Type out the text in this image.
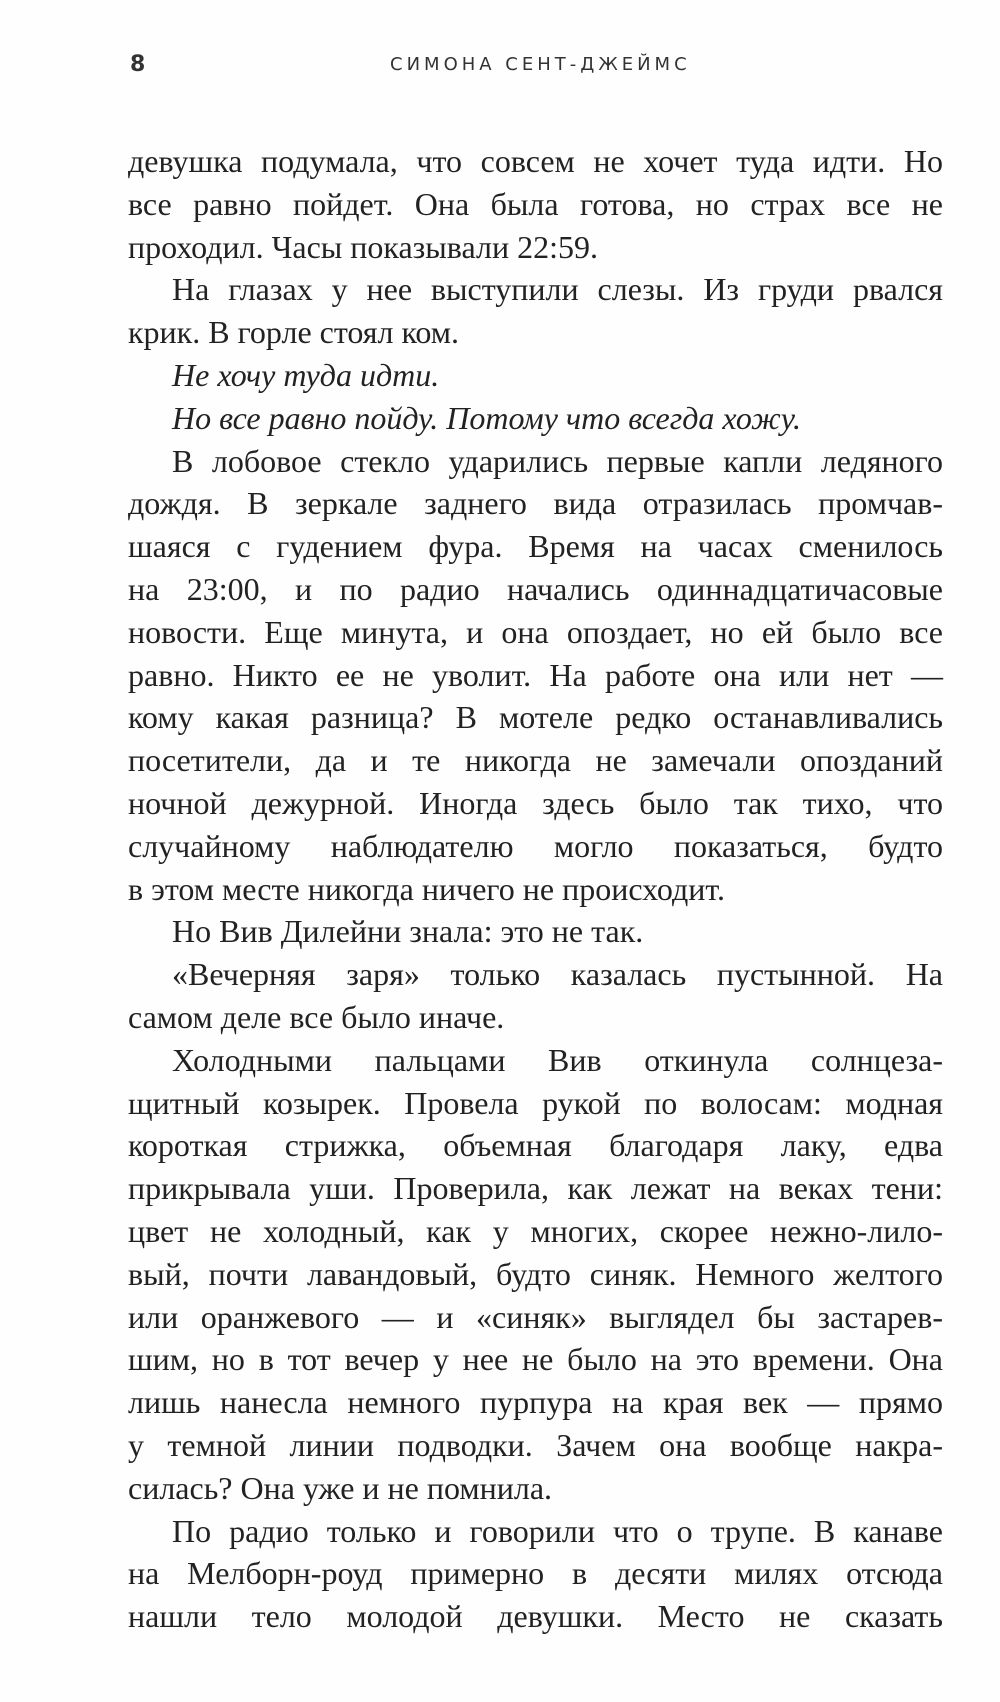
8	СИМОНА СЕНТ-ДЖЕЙМС
девушка подумала, что совсем не хочет туда идти. Но
все равно пойдет. Она была готова, но страх все не
проходил. Часы показывали 22:59.
На глазах у нее выступили слезы. Из груди рвался
крик. В горле стоял ком.
Не хочу туда идти.
Но все равно пойду. Потому что всегда хожу.
В лобовое стекло ударились первые капли ледяного
дождя. В зеркале заднего вида отразилась промчав-
шаяся с гудением фура. Время на часах сменилось
на 23:00, и по радио начались одиннадцатичасовые
новости. Еще минута, и она опоздает, но ей было все
равно. Никто ее не уволит. На работе она или нет —
кому какая разница? В мотеле редко останавливались
посетители, да и те никогда не замечали опозданий
ночной дежурной. Иногда здесь было так тихо, что
случайному наблюдателю могло показаться, будто
в этом месте никогда ничего не происходит.
Но Вив Дилейни знала: это не так.
«Вечерняя заря» только казалась пустынной. На
самом деле все было иначе.
Холодными пальцами Вив откинула солнцеза-
щитный козырек. Провела рукой по волосам: модная
короткая стрижка, объемная благодаря лаку, едва
прикрывала уши. Проверила, как лежат на веках тени:
цвет не холодный, как у многих, скорее нежно-лило-
вый, почти лавандовый, будто синяк. Немного желтого
или оранжевого — и «синяк» выглядел бы застарев-
шим, но в тот вечер у нее не было на это времени. Она
лишь нанесла немного пурпура на края век — прямо
у темной линии подводки. Зачем она вообще накра-
силась? Она уже и не помнила.
По радио только и говорили что о трупе. В канаве
на Мелборн-роуд примерно в десяти милях отсюда
нашли тело молодой девушки. Место не сказать
